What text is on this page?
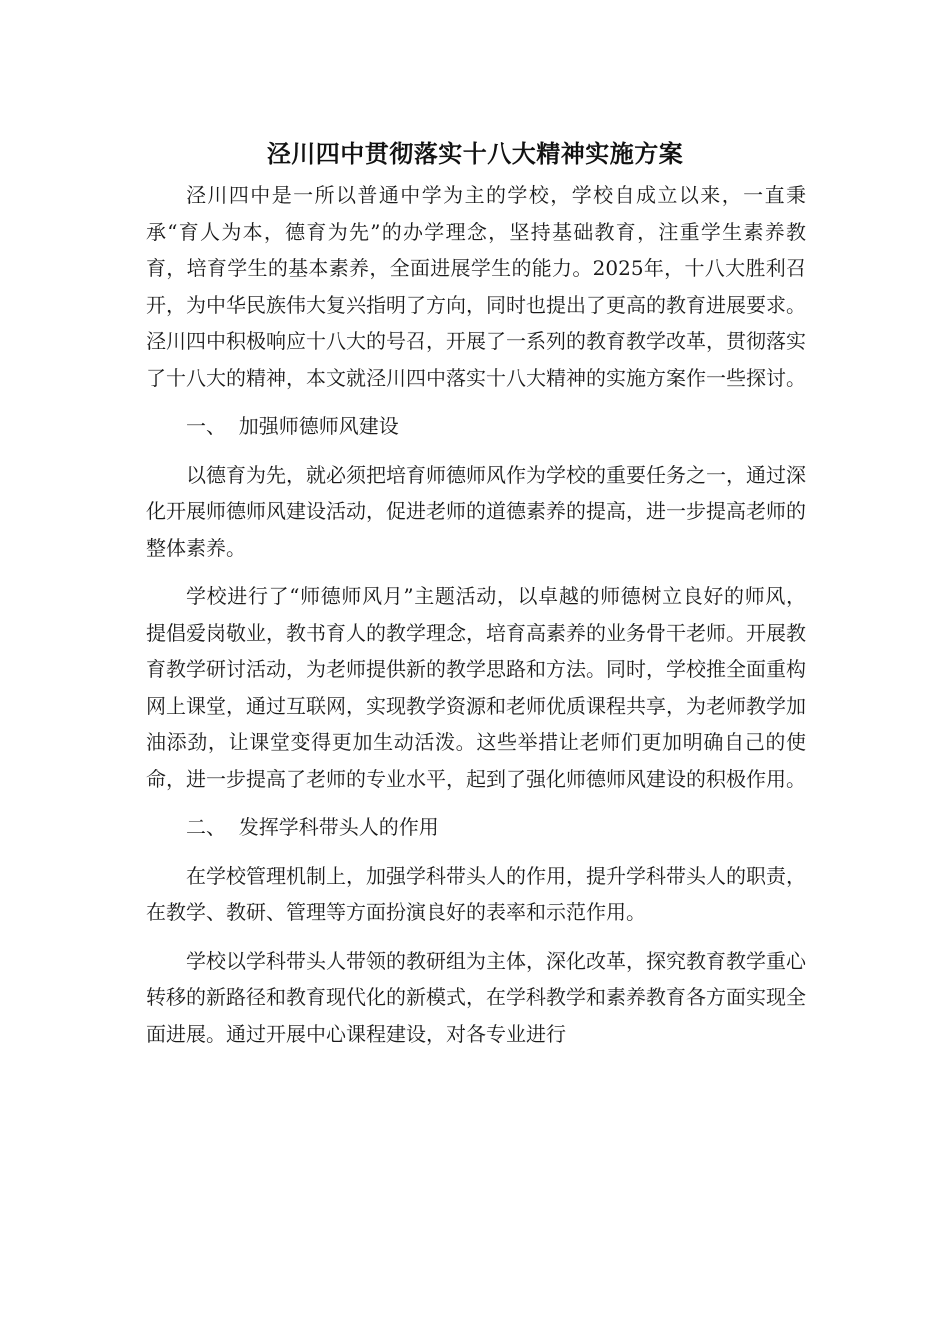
泾川四中贯彻落实十八大精神实施方案

泾川四中是一所以普通中学为主的学校，学校自成立以来，一直秉承“育人为本，德育为先”的办学理念，坚持基础教育，注重学生素养教育，培育学生的基本素养，全面进展学生的能力。2025年，十八大胜利召开，为中华民族伟大复兴指明了方向，同时也提出了更高的教育进展要求。泾川四中积极响应十八大的号召，开展了一系列的教育教学改革，贯彻落实了十八大的精神，本文就泾川四中落实十八大精神的实施方案作一些探讨。

一、  加强师德师风建设

以德育为先，就必须把培育师德师风作为学校的重要任务之一，通过深化开展师德师风建设活动，促进老师的道德素养的提高，进一步提高老师的整体素养。

学校进行了“师德师风月”主题活动，以卓越的师德树立良好的师风，提倡爱岗敬业，教书育人的教学理念，培育高素养的业务骨干老师。开展教育教学研讨活动，为老师提供新的教学思路和方法。同时，学校推全面重构网上课堂，通过互联网，实现教学资源和老师优质课程共享，为老师教学加油添劲，让课堂变得更加生动活泼。这些举措让老师们更加明确自己的使命，进一步提高了老师的专业水平，起到了强化师德师风建设的积极作用。

二、  发挥学科带头人的作用

在学校管理机制上，加强学科带头人的作用，提升学科带头人的职责，在教学、教研、管理等方面扮演良好的表率和示范作用。

学校以学科带头人带领的教研组为主体，深化改革，探究教育教学重心转移的新路径和教育现代化的新模式，在学科教学和素养教育各方面实现全面进展。通过开展中心课程建设，对各专业进行
